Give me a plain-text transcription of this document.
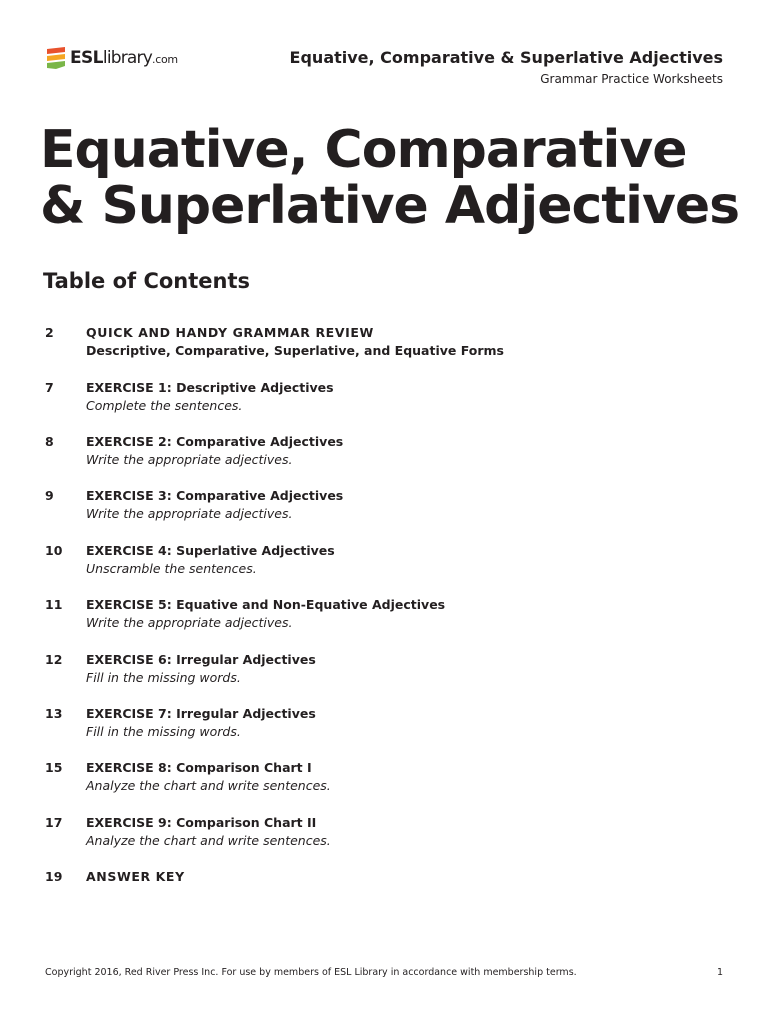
ESLlibrary.com	Equative, Comparative & Superlative Adjectives
Grammar Practice Worksheets
Equative, Comparative
& Superlative Adjectives
Table of Contents
2	QUICK AND HANDY GRAMMAR REVIEW
Descriptive, Comparative, Superlative, and Equative Forms
7	EXERCISE 1: Descriptive Adjectives
Complete the sentences.
8	EXERCISE 2: Comparative Adjectives
Write the appropriate adjectives.
9	EXERCISE 3: Comparative Adjectives
Write the appropriate adjectives.
10 EXERCISE 4: Superlative Adjectives
Unscramble the sentences.
11 EXERCISE 5: Equative and Non-Equative Adjectives
Write the appropriate adjectives.
12 EXERCISE 6: Irregular Adjectives
Fill in the missing words.
13 EXERCISE 7: Irregular Adjectives
Fill in the missing words.
15 EXERCISE 8: Comparison Chart I
Analyze the chart and write sentences.
17 EXERCISE 9: Comparison Chart II
Analyze the chart and write sentences.
19 ANSWER KEY
Copyright 2016, Red River Press Inc. For use by members of ESL Library in accordance with membership terms.	1
